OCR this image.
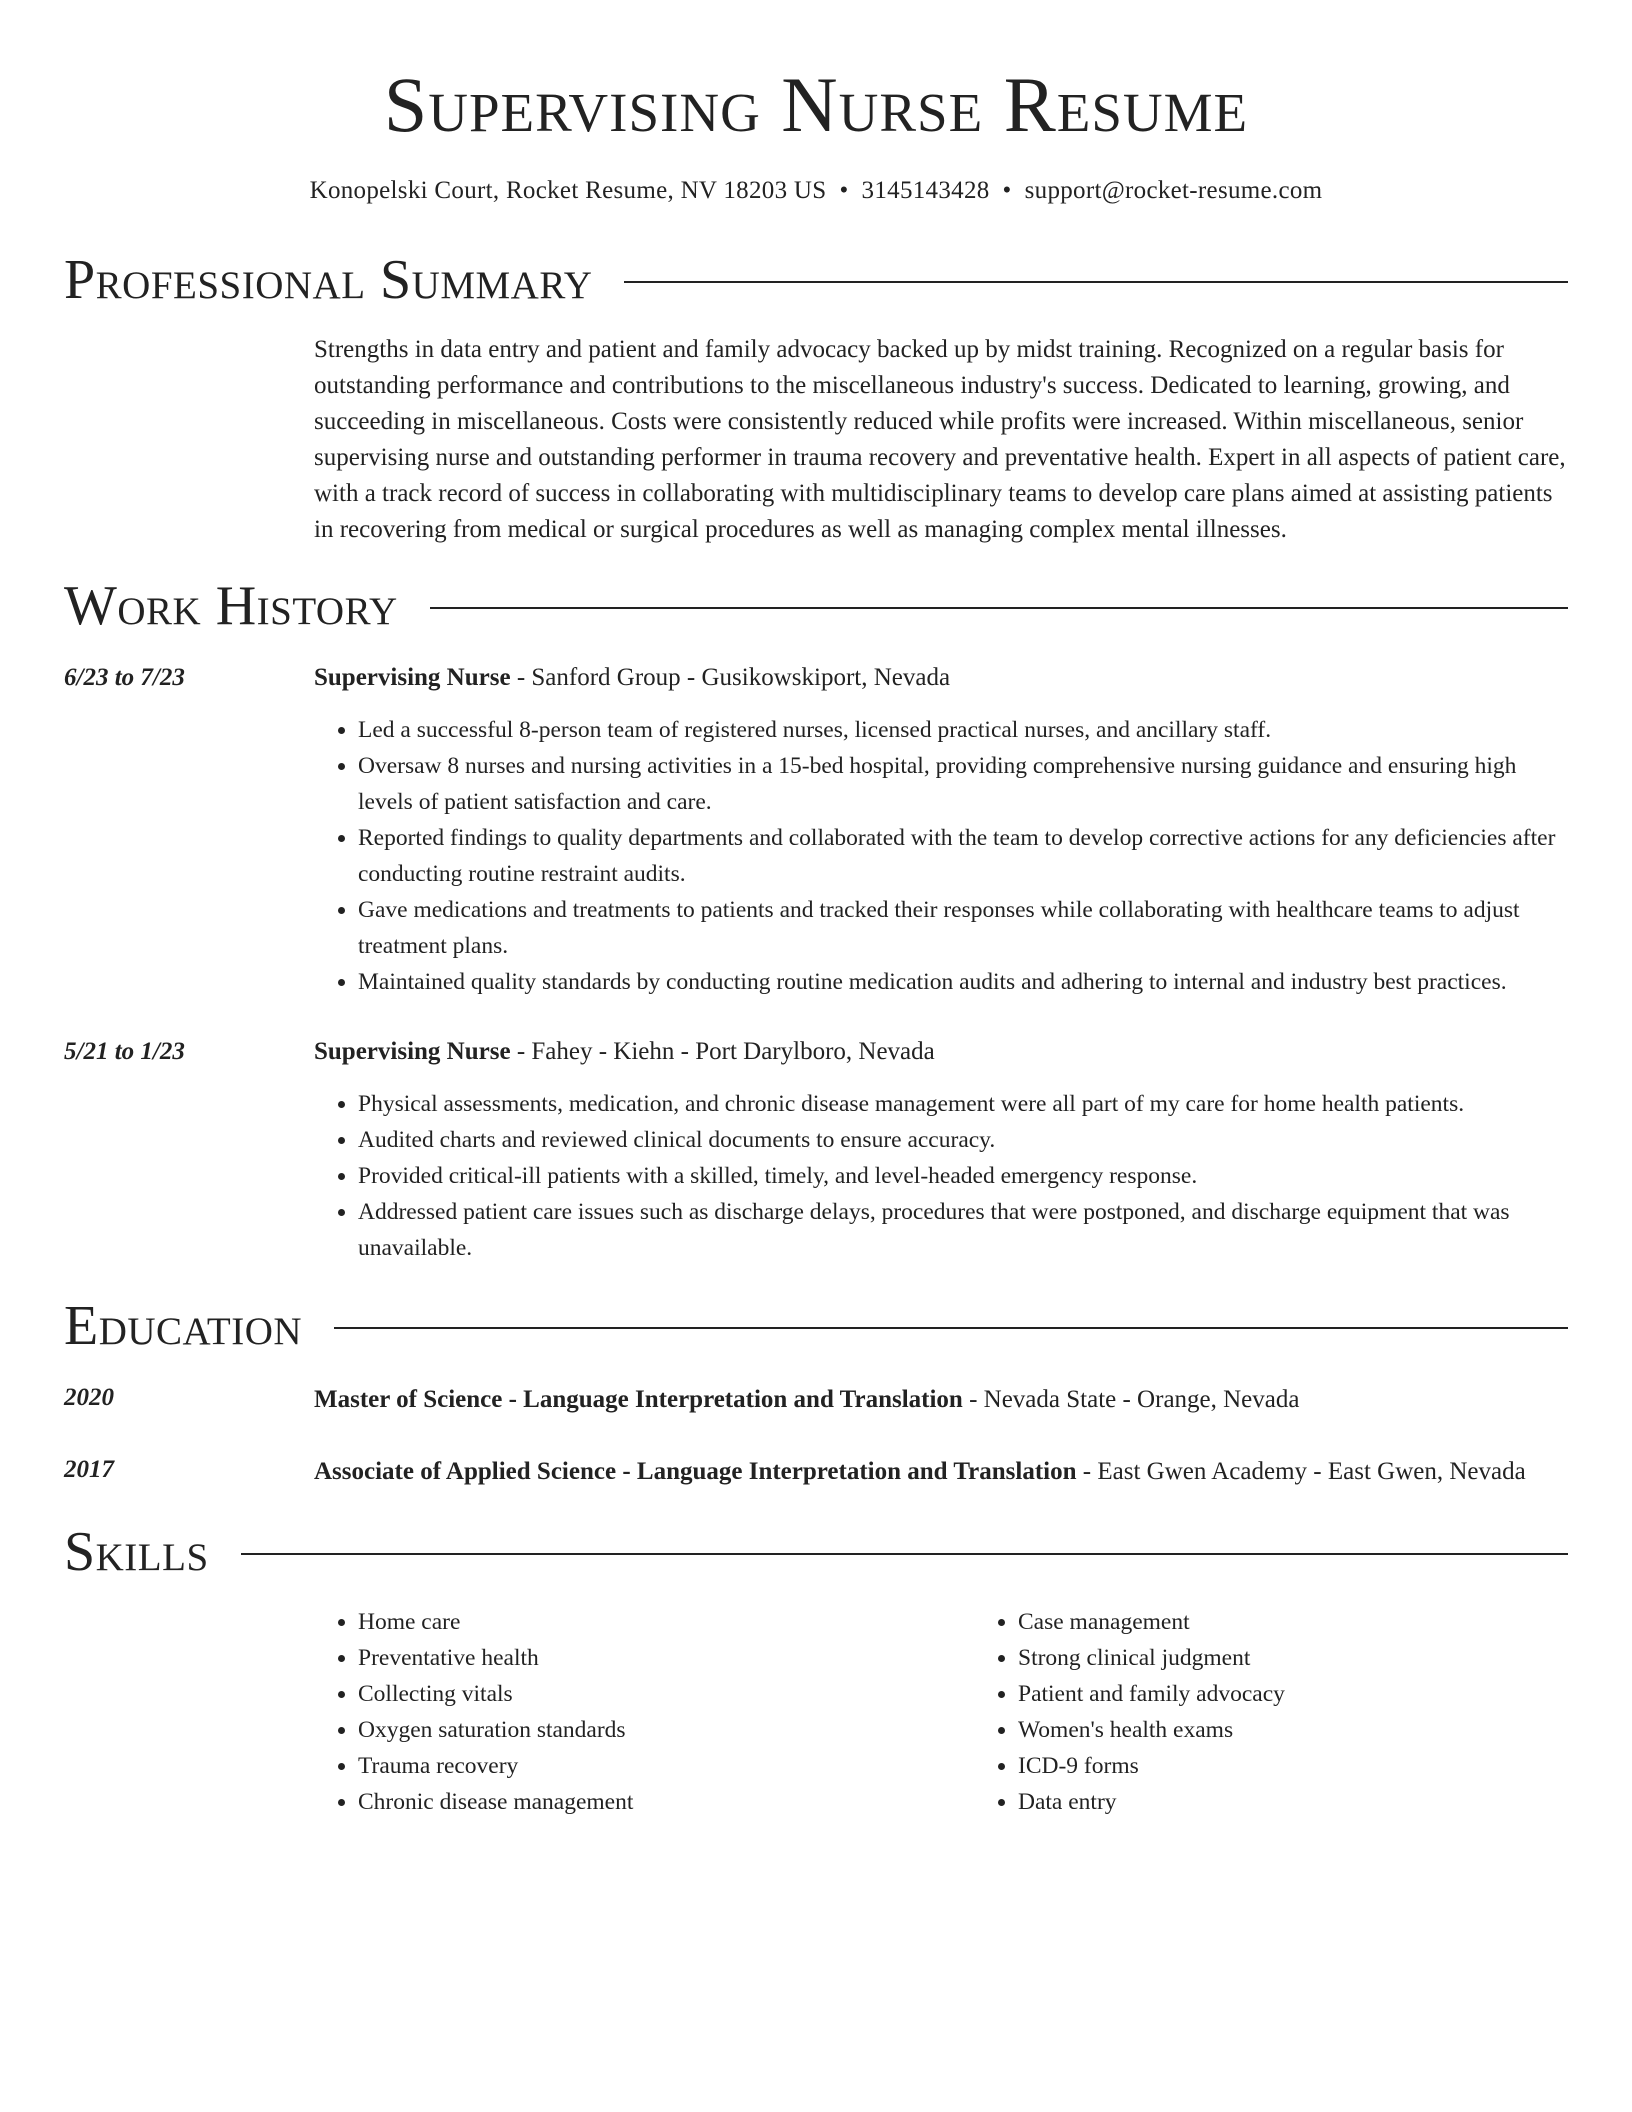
Supervising Nurse Resume
Konopelski Court, Rocket Resume, NV 18203 US • 3145143428 • support@rocket-resume.com
Professional Summary
Strengths in data entry and patient and family advocacy backed up by midst training. Recognized on a regular basis for outstanding performance and contributions to the miscellaneous industry's success. Dedicated to learning, growing, and succeeding in miscellaneous. Costs were consistently reduced while profits were increased. Within miscellaneous, senior supervising nurse and outstanding performer in trauma recovery and preventative health. Expert in all aspects of patient care, with a track record of success in collaborating with multidisciplinary teams to develop care plans aimed at assisting patients in recovering from medical or surgical procedures as well as managing complex mental illnesses.
Work History
6/23 to 7/23	Supervising Nurse - Sanford Group - Gusikowskiport, Nevada
• Led a successful 8-person team of registered nurses, licensed practical nurses, and ancillary staff.
• Oversaw 8 nurses and nursing activities in a 15-bed hospital, providing comprehensive nursing guidance and ensuring high levels of patient satisfaction and care.
• Reported findings to quality departments and collaborated with the team to develop corrective actions for any deficiencies after conducting routine restraint audits.
• Gave medications and treatments to patients and tracked their responses while collaborating with healthcare teams to adjust treatment plans.
• Maintained quality standards by conducting routine medication audits and adhering to internal and industry best practices.
5/21 to 1/23	Supervising Nurse - Fahey - Kiehn - Port Darylboro, Nevada
• Physical assessments, medication, and chronic disease management were all part of my care for home health patients.
• Audited charts and reviewed clinical documents to ensure accuracy.
• Provided critical-ill patients with a skilled, timely, and level-headed emergency response.
• Addressed patient care issues such as discharge delays, procedures that were postponed, and discharge equipment that was unavailable.
Education
2020	Master of Science - Language Interpretation and Translation - Nevada State - Orange, Nevada
2017	Associate of Applied Science - Language Interpretation and Translation - East Gwen Academy - East Gwen, Nevada
Skills
• Home care
• Preventative health
• Collecting vitals
• Oxygen saturation standards
• Trauma recovery
• Chronic disease management
• Case management
• Strong clinical judgment
• Patient and family advocacy
• Women's health exams
• ICD-9 forms
• Data entry
